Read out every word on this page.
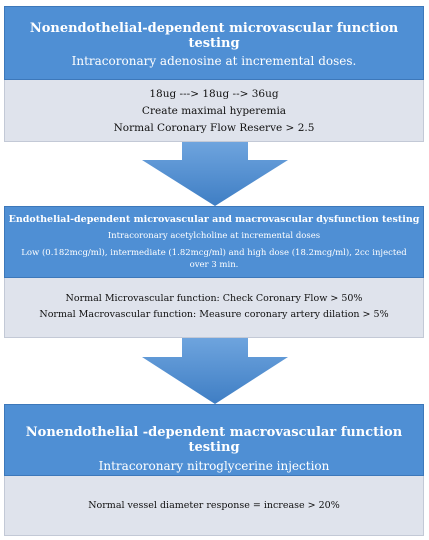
Nonendothelial-dependent microvascular function testing
Intracoronary adenosine at incremental doses.
18ug ---> 18ug --> 36ug
Create maximal hyperemia
Normal Coronary Flow Reserve > 2.5
Endothelial-dependent microvascular and macrovascular dysfunction testing
Intracoronary acetylcholine at incremental doses
Low (0.182mcg/ml), intermediate (1.82mcg/ml) and high dose (18.2mcg/ml), 2cc injected over 3 min.
Normal Microvascular function: Check Coronary Flow > 50%
Normal Macrovascular function: Measure coronary artery dilation > 5%
Nonendothelial -dependent macrovascular function testing
Intracoronary nitroglycerine injection
Normal vessel diameter response = increase > 20%
